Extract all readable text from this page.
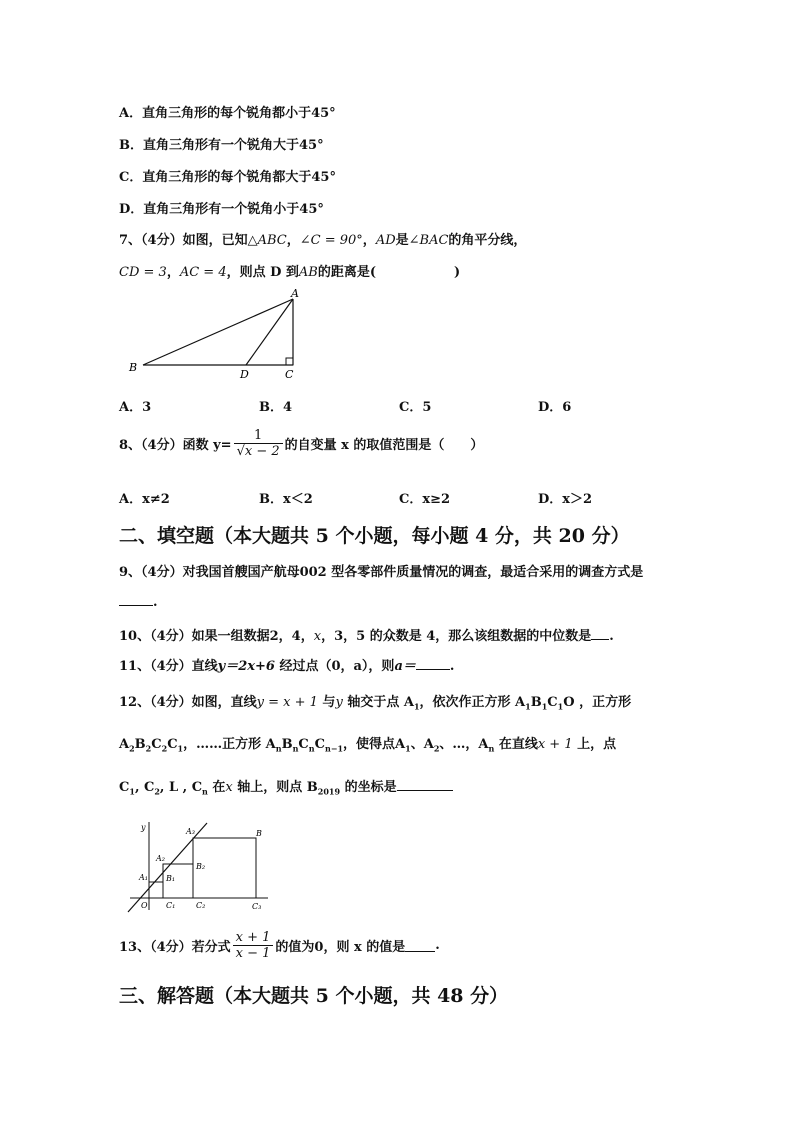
A．直角三角形的每个锐角都小于45°
B．直角三角形有一个锐角大于45°
C．直角三角形的每个锐角都大于45°
D．直角三角形有一个锐角小于45°
7、（4分）如图，已知△ABC，∠C = 90°，AD是∠BAC的角平分线，
CD = 3，AC = 4，则点 D 到AB的距离是(	)
A
B
D	C
A．3	B．4	C．5	D．6
8、（4分）函数 $y= \frac{1}{√x - 2}$ 的自变量 x 的取值范围是（　　）
A．x≠2	B．x＜2	C．x≥2	D．x＞2
二、填空题（本大题共 5 个小题，每小题 4 分，共 20 分）
9、（4分）对我国首艘国产航母002 型各零部件质量情况的调查，最适合采用的调查方式是
.
10、（4分）如果一组数据2，4，x，3，5 的众数是 4，那么该组数据的中位数是 .
11、（4分）直线y＝2x+6 经过点（0，a），则a＝	.
12、（4分）如图，直线y = x + 1 与y 轴交于点 $A_1$，依次作正方形 $A_1B_1C_1O$ ，正方形
$A_2B_2C_2C_1$，……正方形 $A_nB_nC_nC_{n-1}$，使得点$A_1$、$A_2$、…，$A_n$ 在直线x + 1 上，点
$C_1$, $C_2$, L , $C_n$ 在x 轴上，则点 $B_{2019}$ 的坐标是
y	A₃	B
A₂
B₂
A₁ B₁
O C₁	C₂	C₃
13、（4分）若分式 $\frac{x + 1}{x - 1}$ 的值为0，则 x 的值是 .
三、解答题（本大题共 5 个小题，共 48 分）
